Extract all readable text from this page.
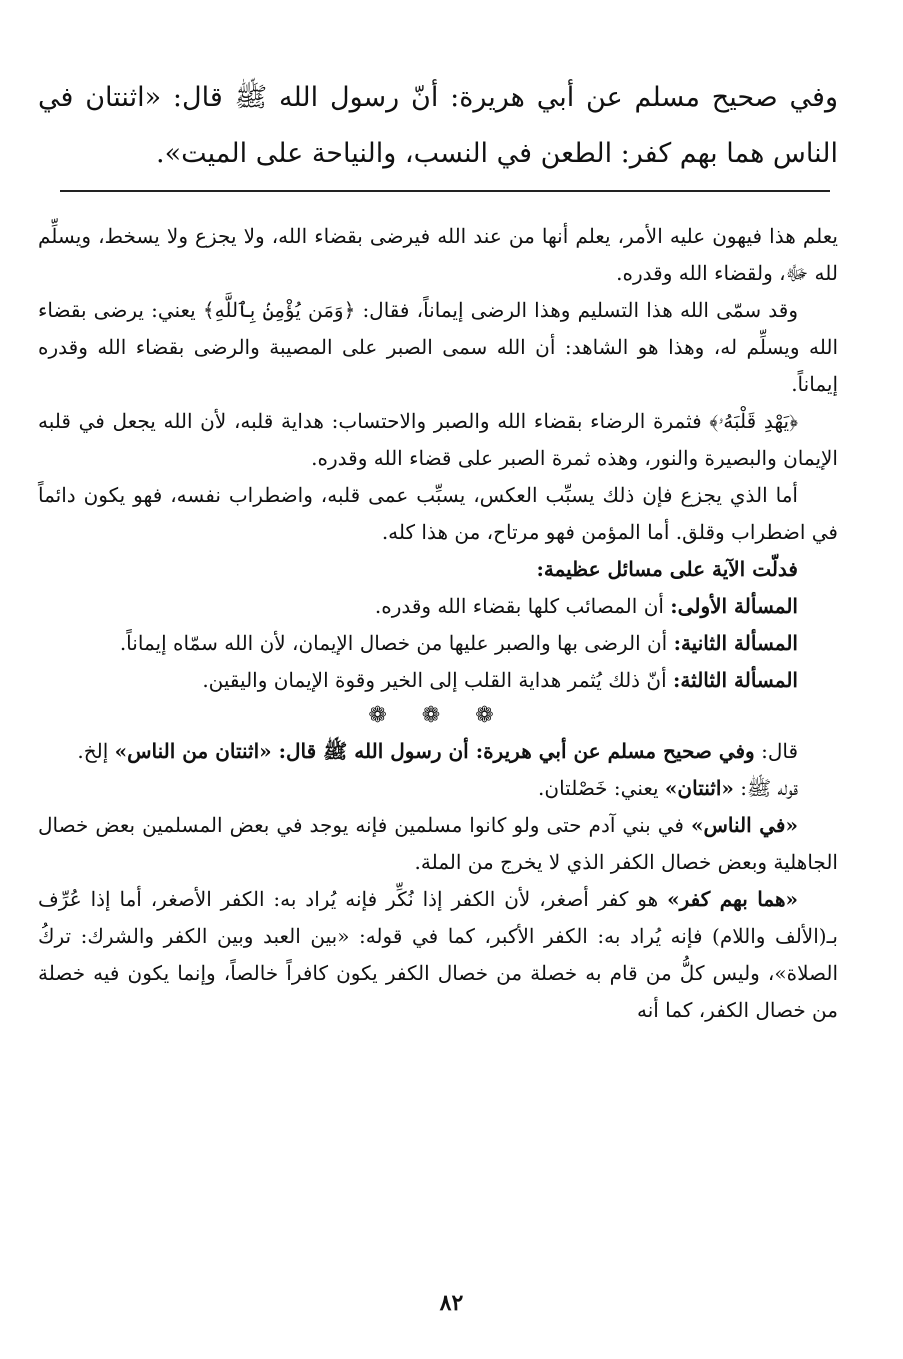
وفي صحيح مسلم عن أبي هريرة: أنّ رسول الله ﷺ قال: «اثنتان في الناس هما بهم كفر: الطعن في النسب، والنياحة على الميت».

يعلم هذا فيهون عليه الأمر، يعلم أنها من عند الله فيرضى بقضاء الله، ولا يجزع ولا يسخط، ويسلِّم لله ﷻ، ولقضاء الله وقدره.

وقد سمّى الله هذا التسليم وهذا الرضى إيماناً، فقال: ﴿وَمَن يُؤْمِنۢ بِٱللَّهِ﴾ يعني: يرضى بقضاء الله ويسلِّم له، وهذا هو الشاهد: أن الله سمى الصبر على المصيبة والرضى بقضاء الله وقدره إيماناً.

﴿يَهْدِ قَلْبَهُۥ﴾ فثمرة الرضاء بقضاء الله والصبر والاحتساب: هداية قلبه، لأن الله يجعل في قلبه الإيمان والبصيرة والنور، وهذه ثمرة الصبر على قضاء الله وقدره.

أما الذي يجزع فإن ذلك يسبِّب العكس، يسبِّب عمى قلبه، واضطراب نفسه، فهو يكون دائماً في اضطراب وقلق. أما المؤمن فهو مرتاح، من هذا كله.

فدلّت الآية على مسائل عظيمة:

المسألة الأولى: أن المصائب كلها بقضاء الله وقدره.

المسألة الثانية: أن الرضى بها والصبر عليها من خصال الإيمان، لأن الله سمّاه إيماناً.

المسألة الثالثة: أنّ ذلك يُثمر هداية القلب إلى الخير وقوة الإيمان واليقين.

❁ ❁ ❁

قال: وفي صحيح مسلم عن أبي هريرة: أن رسول الله ﷺ قال: «اثنتان من الناس» إلخ.

قوله ﷺ: «اثنتان» يعني: خَصْلتان.

«في الناس» في بني آدم حتى ولو كانوا مسلمين فإنه يوجد في بعض المسلمين بعض خصال الجاهلية وبعض خصال الكفر الذي لا يخرج من الملة.

«هما بهم كفر» هو كفر أصغر، لأن الكفر إذا نُكِّر فإنه يُراد به: الكفر الأصغر، أما إذا عُرِّف بـ(الألف واللام) فإنه يُراد به: الكفر الأكبر، كما في قوله: «بين العبد وبين الكفر والشرك: تركُ الصلاة»، وليس كلُّ من قام به خصلة من خصال الكفر يكون كافراً خالصاً، وإنما يكون فيه خصلة من خصال الكفر، كما أنه

٨٢
